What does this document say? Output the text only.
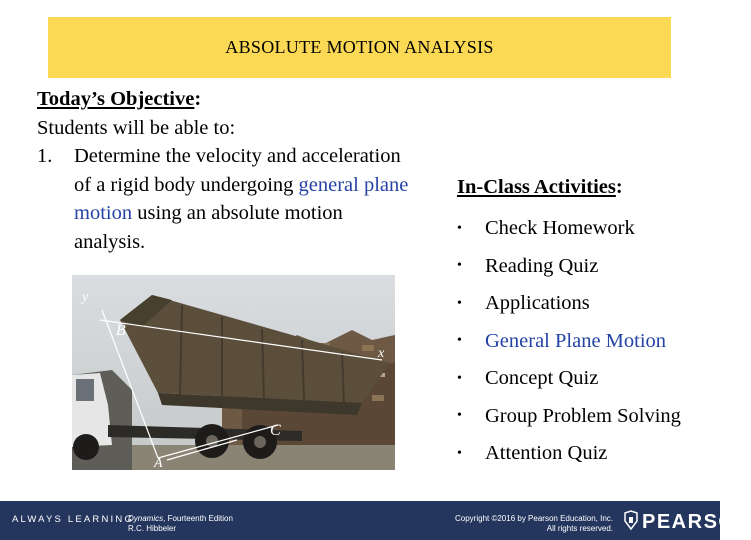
ABSOLUTE MOTION ANALYSIS
Today’s Objective:
Students will be able to:
1.	Determine the velocity and acceleration of a rigid body undergoing general plane motion using an absolute motion analysis.
y
B
x
C
A
In-Class Activities:
•	Check Homework
•	Reading Quiz
•	Applications
•	General Plane Motion
•	Concept Quiz
•	Group Problem Solving
•	Attention Quiz
ALWAYS LEARNING
Dynamics, Fourteenth Edition
R.C. Hibbeler
Copyright ©2016 by Pearson Education, Inc.
All rights reserved. PEARSON
